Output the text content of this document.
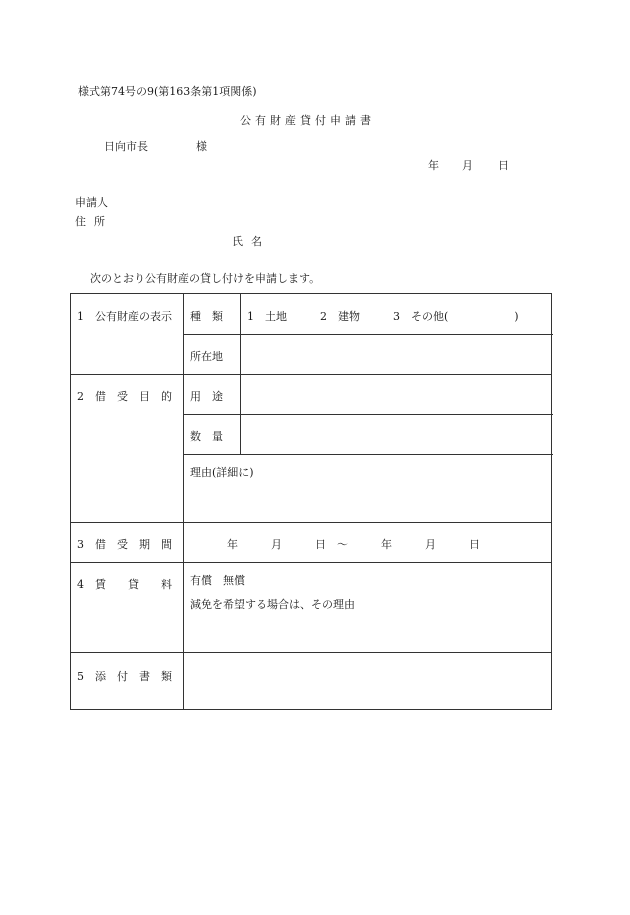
様式第74号の9(第163条第1項関係)
公有財産貸付申請書
日向市長	様
年 月 日
申請人
住所
氏名
次のとおり公有財産の貸し付けを申請します。
1　公有財産の表示 種　類 1　土地　　　2　建物　　　3　その他(　　　　　　)
所在地
2　借　受　目　的 用　途
数　量
理由(詳細に)
3　借　受　期　間	年　　　月　　　日　～　　　年　　　月　　　日
4　賃　　貸　　料 有償　無償
減免を希望する場合は、その理由
5　添　付　書　類
